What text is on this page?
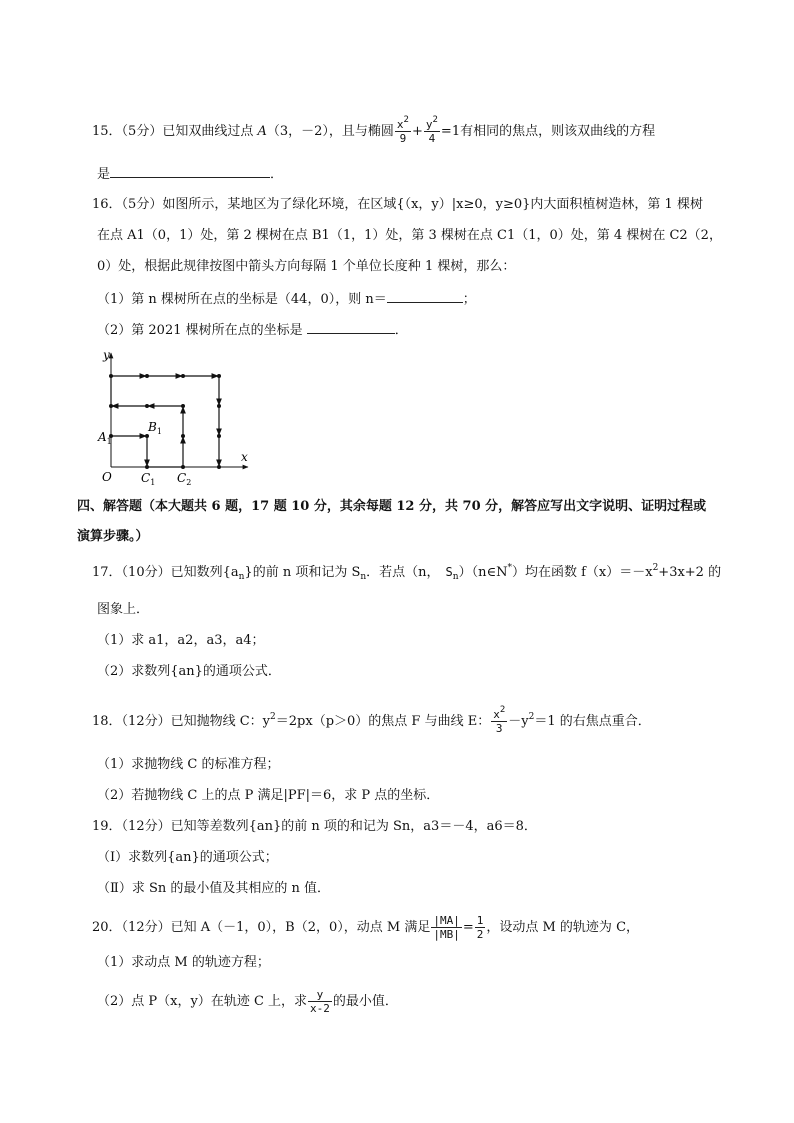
15．（5分）已知双曲线过点 A（3，－2），且与椭圆 $\frac{x^2}{9} + \frac{y^2}{4} =1$有相同的焦点，则该双曲线的方程
是	．
16．（5分）如图所示，某地区为了绿化环境，在区域{（x，y）|x≥0，y≥0}内大面积植树造林，第 1 棵树
在点 A1（0，1）处，第 2 棵树在点 B1（1，1）处，第 3 棵树在点 C1（1，0）处，第 4 棵树在 C2（2，
0）处，根据此规律按图中箭头方向每隔 1 个单位长度种 1 棵树，那么：
（1）第 n 棵树所在点的坐标是（44，0），则 n＝	；
（2）第 2021 棵树所在点的坐标是	．
y
x
O
$A_1$
$B_1$
$C_1$ $C_2$
四、解答题（本大题共 6 题，17 题 10 分，其余每题 12 分，共 70 分，解答应写出文字说明、证明过程或
演算步骤。）
17．（10分）已知数列$\{a_n\}$的前 n 项和记为 $S_n$．若点（n， $S_n)(n\in N^*)$均在函数 $f(x)=-x^2+3x+2$ 的
图象上．
（1）求 a1，a2，a3，a4；
（2）求数列{an}的通项公式．
18．（12分）已知抛物线 C：$y^2=2px(p>0)$的焦点 F 与曲线 E： $\frac{x^2}{3} -y^2=1$ 的右焦点重合．
（1）求抛物线 C 的标准方程；
（2）若抛物线 C 上的点 P 满足|PF|＝6，求 P 点的坐标．
19．（12分）已知等差数列{an}的前 n 项的和记为 Sn，a3＝－4，a6＝8．
（Ⅰ）求数列{an}的通项公式；
（Ⅱ）求 Sn 的最小值及其相应的 n 值．
20．（12分）已知 A（－1，0），B（2，0），动点 M 满足 $\frac{|MA|}{|MB|} = \frac{1}{2}$ ，设动点 M 的轨迹为 C，
（1）求动点 M 的轨迹方程；
（2）点 P（x，y）在轨迹 C 上，求 $\frac{y}{x-2}$ 的最小值．
